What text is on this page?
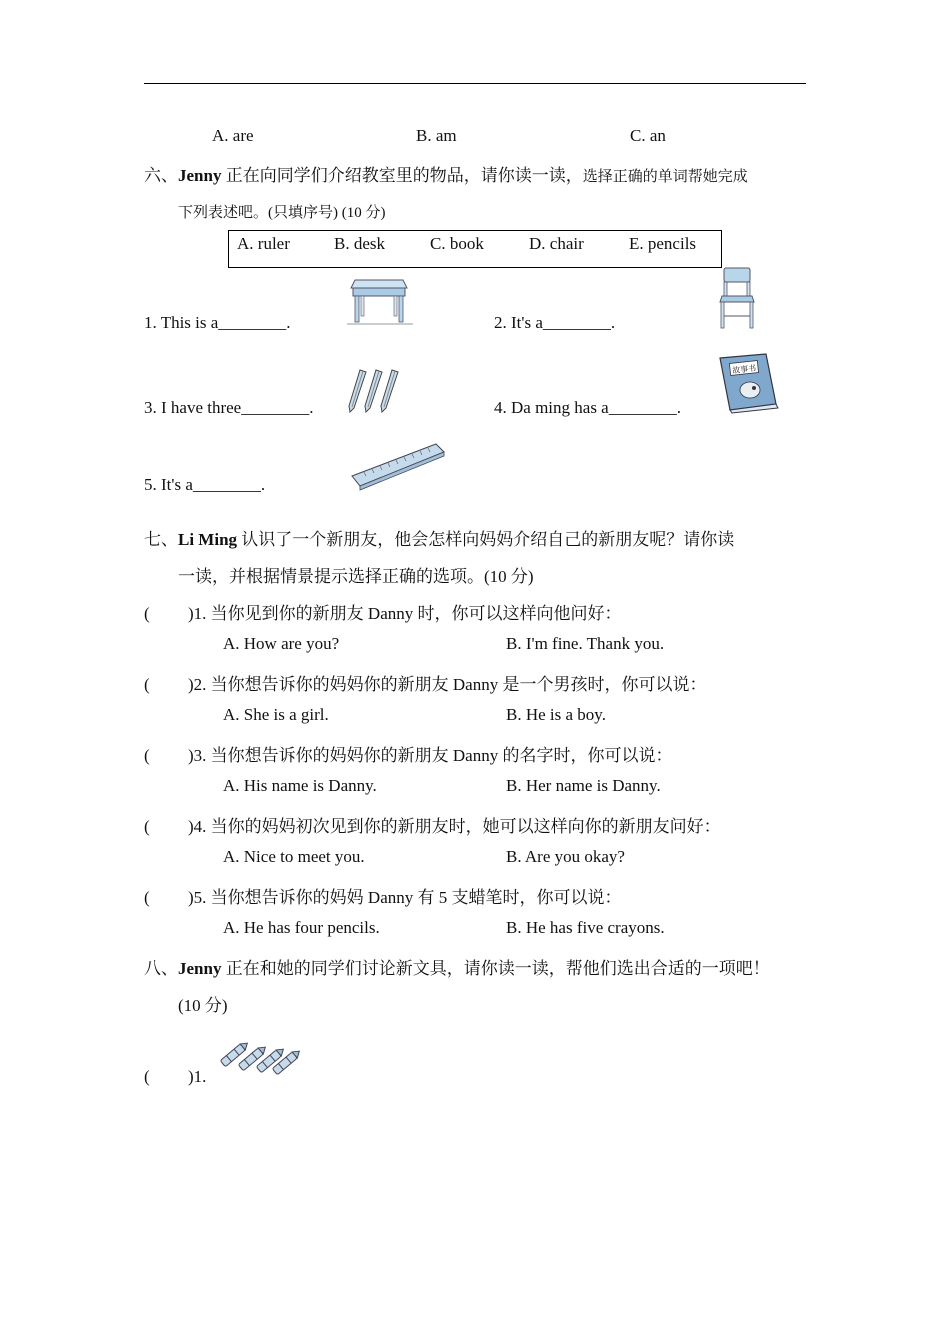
A. are	B. am	C. an
六、Jenny 正在向同学们介绍教室里的物品，请你读一读，选择正确的单词帮她完成
下列表述吧。(只填序号) (10 分)
A. ruler	B. desk	C. book	D. chair	E. pencils
1. This is a________.	2. It's a________.
3. I have three________.	4. Da ming has a________.
5. It's a________.
故事书
七、Li Ming 认识了一个新朋友，他会怎样向妈妈介绍自己的新朋友呢？请你读
一读，并根据情景提示选择正确的选项。(10 分)
( )1. 当你见到你的新朋友 Danny 时，你可以这样向他问好：
A. How are you?	B. I'm fine. Thank you.
( )2. 当你想告诉你的妈妈你的新朋友 Danny 是一个男孩时，你可以说：
A. She is a girl.	B. He is a boy.
( )3. 当你想告诉你的妈妈你的新朋友 Danny 的名字时，你可以说：
A. His name is Danny.	B. Her name is Danny.
( )4. 当你的妈妈初次见到你的新朋友时，她可以这样向你的新朋友问好：
A. Nice to meet you.	B. Are you okay?
( )5. 当你想告诉你的妈妈 Danny 有 5 支蜡笔时，你可以说：
A. He has four pencils.	B. He has five crayons.
八、Jenny 正在和她的同学们讨论新文具，请你读一读，帮他们选出合适的一项吧！
(10 分)
( )1.
